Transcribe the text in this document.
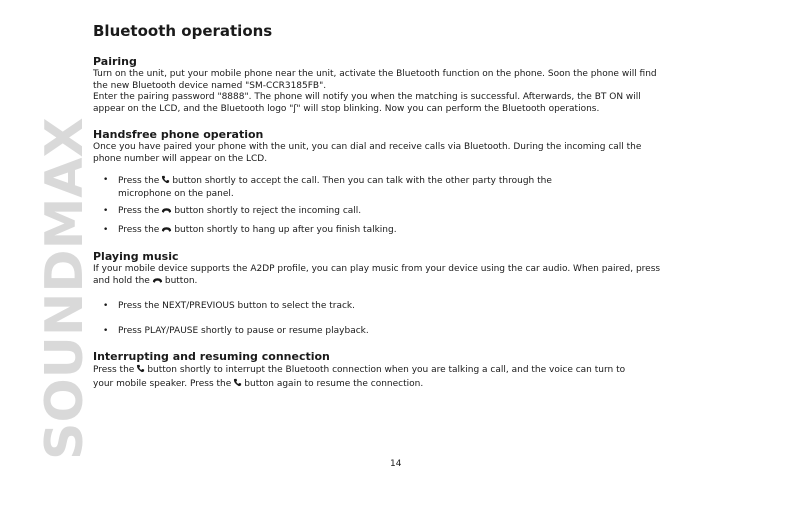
SOUNDMAX
Bluetooth operations
Pairing
Turn on the unit, put your mobile phone near the unit, activate the Bluetooth function on the phone. Soon the phone will find
the new Bluetooth device named "SM-CCR3185FB".
Enter the pairing password "8888". The phone will notify you when the matching is successful. Afterwards, the BT ON will
appear on the LCD, and the Bluetooth logo "ʃ" will stop blinking. Now you can perform the Bluetooth operations.
Handsfree phone operation
Once you have paired your phone with the unit, you can dial and receive calls via Bluetooth. During the incoming call the
phone number will appear on the LCD.
• Press the button shortly to accept the call. Then you can talk with the other party through the
microphone on the panel.
• Press the button shortly to reject the incoming call.
• Press the button shortly to hang up after you finish talking.
Playing music
If your mobile device supports the A2DP profile, you can play music from your device using the car audio. When paired, press
and hold the button.
• Press the NEXT/PREVIOUS button to select the track.
• Press PLAY/PAUSE shortly to pause or resume playback.
Interrupting and resuming connection
Press the button shortly to interrupt the Bluetooth connection when you are talking a call, and the voice can turn to
your mobile speaker. Press the button again to resume the connection.
14
